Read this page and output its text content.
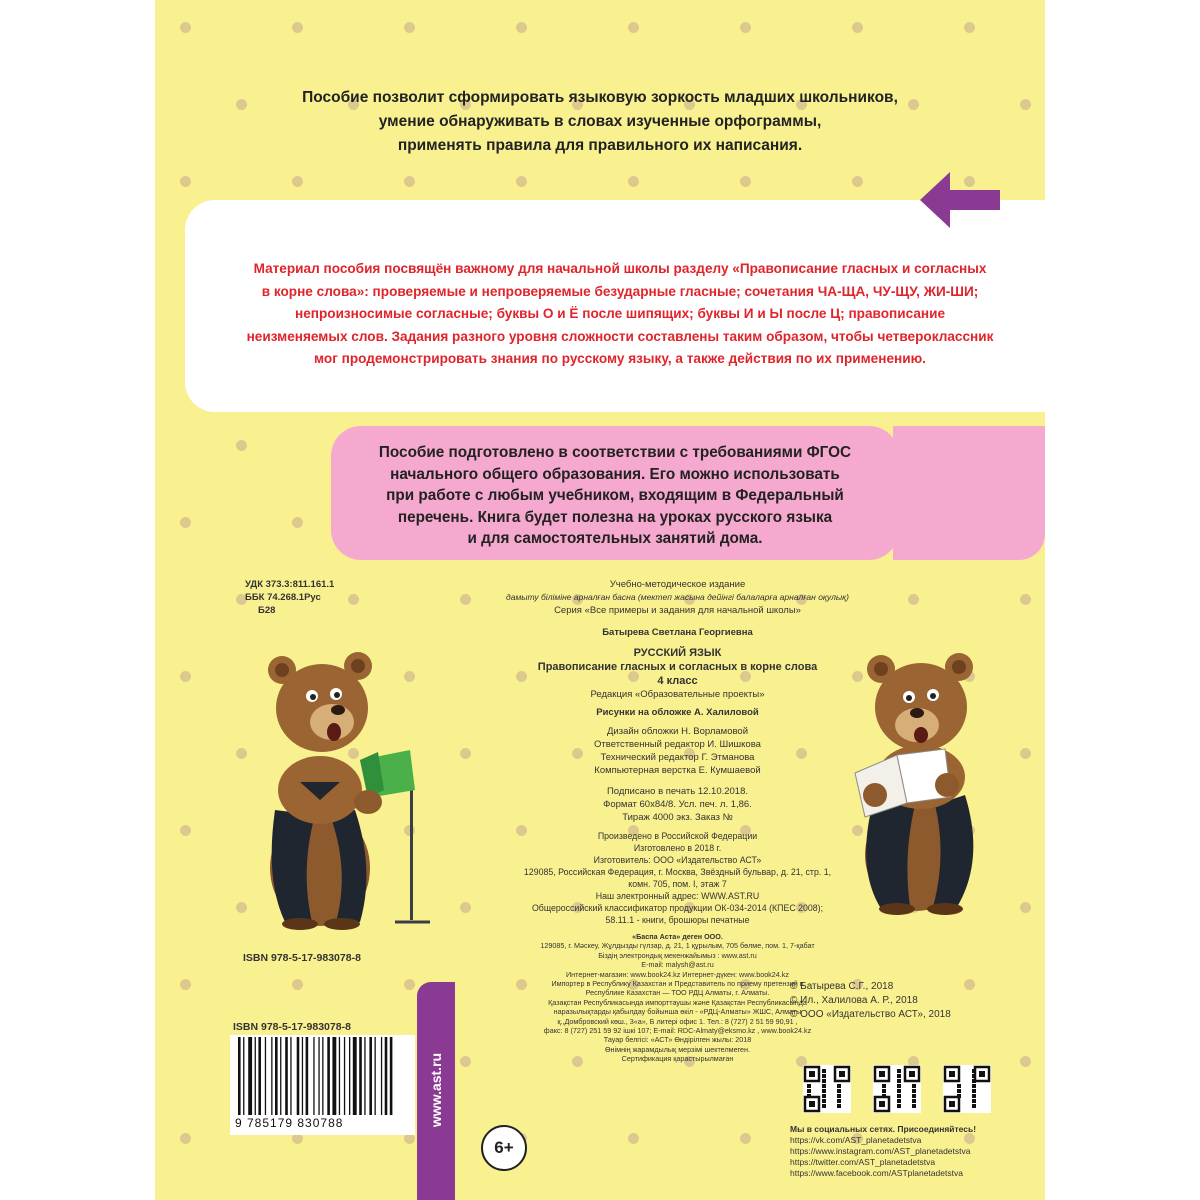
Пособие позволит сформировать языковую зоркость младших школьников,
умение обнаруживать в словах изученные орфограммы,
применять правила для правильного их написания.
Материал пособия посвящён важному для начальной школы разделу «Правописание гласных и согласных
в корне слова»: проверяемые и непроверяемые безударные гласные; сочетания ЧА-ЩА, ЧУ-ЩУ, ЖИ-ШИ;
непроизносимые согласные; буквы О и Ё после шипящих; буквы И и Ы после Ц; правописание
неизменяемых слов. Задания разного уровня сложности составлены таким образом, чтобы четвероклассник
мог продемонстрировать знания по русскому языку, а также действия по их применению.
Пособие подготовлено в соответствии с требованиями ФГОС
начального общего образования. Его можно использовать
при работе с любым учебником, входящим в Федеральный
перечень. Книга будет полезна на уроках русского языка
и для самостоятельных занятий дома.
УДК 373.3:811.161.1
ББК 74.268.1Рус
Б28
Учебно-методическое издание
дамыту бiлiмiне арналған басна (мектеп жасына дейiнгi балаларға арналған оқулық)
Серия «Все примеры и задания для начальной школы»
Батырева Светлана Георгиевна
РУССКИЙ ЯЗЫК
Правописание гласных и согласных в корне слова
4 класс
Редакция «Образовательные проекты»
Рисунки на обложке А. Халиловой
Дизайн обложки Н. Ворламовой
Ответственный редактор И. Шишкова
Технический редактор Г. Этманова
Компьютерная верстка Е. Кумшаевой
Подписано в печать 12.10.2018.
Формат 60x84/8. Усл. печ. л. 1,86.
Тираж 4000 экз. Заказ №
Произведено в Российской Федерации
Изготовлено в 2018 г.
Изготовитель: ООО «Издательство АСТ»
129085, Российская Федерация, г. Москва, Звёздный бульвар, д. 21, стр. 1,
комн. 705, пом. I, этаж 7
Наш электронный адрес: WWW.AST.RU
Общероссийский классификатор продукции ОК-034-2014 (КПЕС 2008);
58.11.1 - книги, брошюры печатные
«Баспа Аста» деген ООО.
129085, г. Мәскеу, Жұлдызды гүлзар, д. 21, 1 құрылым, 705 бөлме, пом. 1, 7-қабат
Біздің электрондық мекенжайымыз : www.ast.ru
E-mail: malysh@ast.ru
Интернет-магазин: www.book24.kz Интернет-дүкен: www.book24.kz
Импортер в Республику Казахстан и Представитель по приему претензий в
Республике Казахстан — ТОО РДЦ Алматы, г. Алматы.
Қазақстан Республикасында импорттаушы және Қазақстан Республикасында
наразылықтарды қабылдау бойынша өкіл - «РДЦ-Алматы» ЖШС, Алматы
қ.,Домбровский көш., 3«а», Б литері офис 1. Тел.: 8 (727) 2 51 59 90,91 ,
факс: 8 (727) 251 59 92 ішкі 107; E-mail: RDC-Almaty@eksmo.kz , www.book24.kz
Тауар белгісі: «АСТ» Өндірілген жылы: 2018
Өнімнің жарамдылық мерзімі шектелмеген.
Сертификация қарастырылмаған
ISBN 978-5-17-983078-8
www.ast.ru
ISBN 978-5-17-983078-8
9 785179 830788
6+
© Батырева С.Г., 2018
© Ил., Халилова А. Р., 2018
© ООО «Издательство АСТ», 2018
Мы в социальных сетях. Присоединяйтесь!
https://vk.com/AST_planetadetstva
https://www.instagram.com/AST_planetadetstva
https://twitter.com/AST_planetadetstva
https://www.facebook.com/ASTplanetadetstva
